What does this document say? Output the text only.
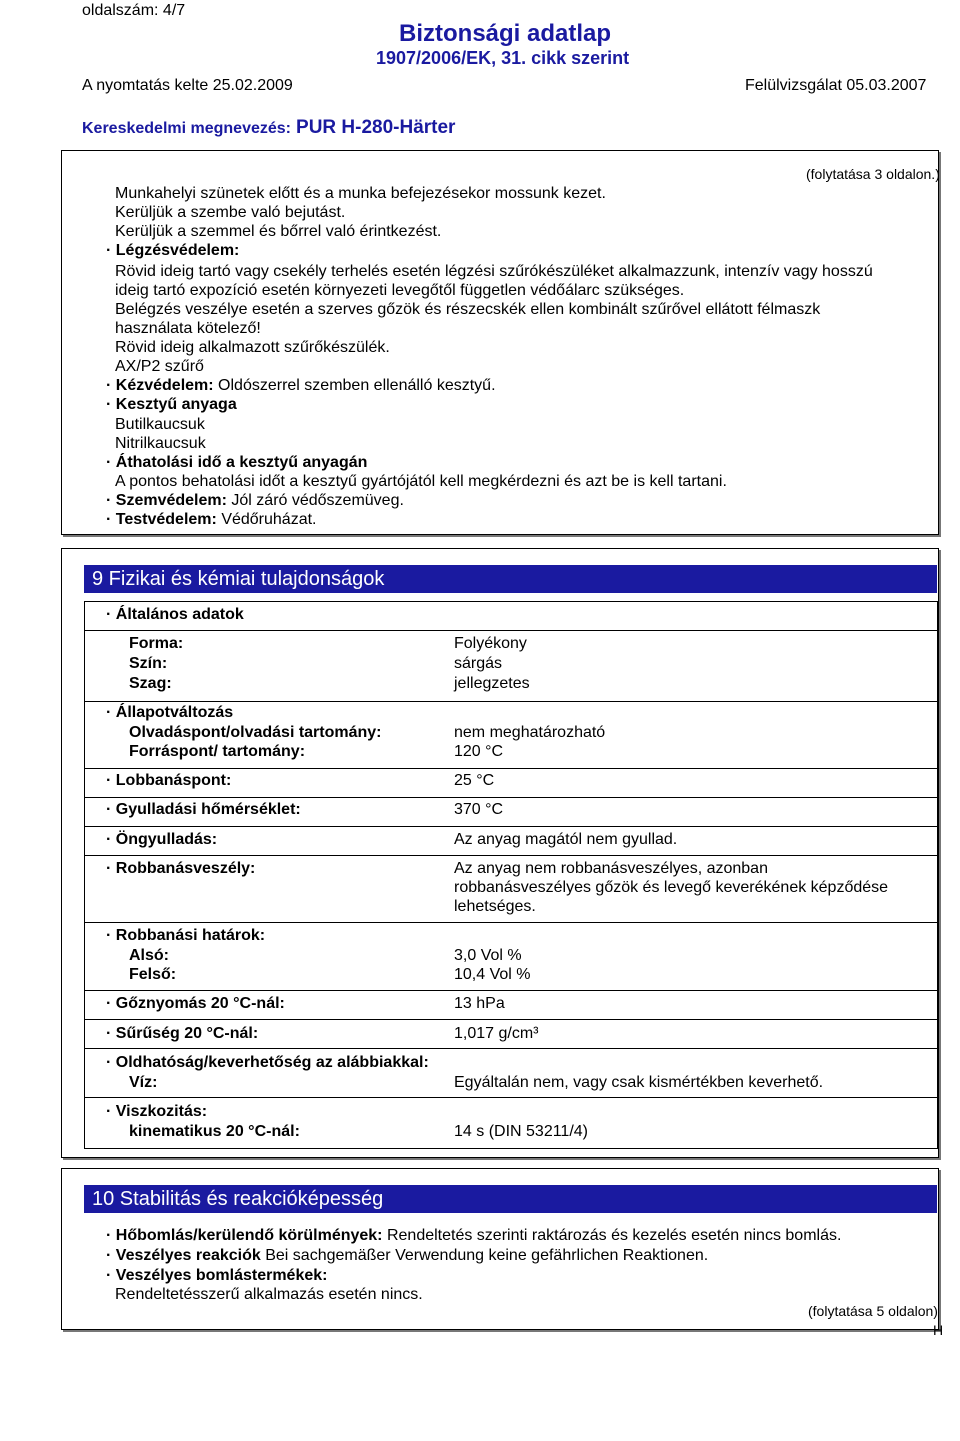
oldalszám: 4/7
Biztonsági adatlap
1907/2006/EK, 31. cikk szerint
A nyomtatás kelte 25.02.2009	Felülvizsgálat 05.03.2007
Kereskedelmi megnevezés: PUR H-280-Härter
(folytatása 3 oldalon.)
Munkahelyi szünetek előtt és a munka befejezésekor mossunk kezet.
Kerüljük a szembe való bejutást.
Kerüljük a szemmel és bőrrel való érintkezést.
· Légzésvédelem:
Rövid ideig tartó vagy csekély terhelés esetén légzési szűrókészüléket alkalmazzunk, intenzív vagy hosszú
ideig tartó expozíció esetén környezeti levegőtől független védőálarc szükséges.
Belégzés veszélye esetén a szerves gőzök és részecskék ellen kombinált szűrővel ellátott félmaszk
használata kötelező!
Rövid ideig alkalmazott szűrőkészülék.
AX/P2 szűrő
· Kézvédelem: Oldószerrel szemben ellenálló kesztyű.
· Kesztyű anyaga
Butilkaucsuk
Nitrilkaucsuk
· Áthatolási idő a kesztyű anyagán
A pontos behatolási időt a kesztyű gyártójától kell megkérdezni és azt be is kell tartani.
· Szemvédelem: Jól záró védőszemüveg.
· Testvédelem: Védőruházat.
9 Fizikai és kémiai tulajdonságok
· Általános adatok
Forma:	Folyékony
Szín:	sárgás
Szag:	jellegzetes
· Állapotváltozás
Olvadáspont/olvadási tartomány:	nem meghatározható
Forráspont/ tartomány:	120 °C
· Lobbanáspont:	25 °C
· Gyulladási hőmérséklet:	370 °C
· Öngyulladás:	Az anyag magától nem gyullad.
· Robbanásveszély:	Az anyag nem robbanásveszélyes, azonban
robbanásveszélyes gőzök és levegő keverékének képződése
lehetséges.
· Robbanási határok:
Alsó:	3,0 Vol %
Felső:	10,4 Vol %
· Gőznyomás 20 °C-nál:	13 hPa
· Sűrűség 20 °C-nál:	1,017 g/cm³
· Oldhatóság/keverhetőség az alábbiakkal:
Víz:	Egyáltalán nem, vagy csak kismértékben keverhető.
· Viszkozitás:
kinematikus 20 °C-nál:	14 s (DIN 53211/4)
10 Stabilitás és reakcióképesség
· Hőbomlás/kerülendő körülmények: Rendeltetés szerinti raktározás és kezelés esetén nincs bomlás.
· Veszélyes reakciók Bei sachgemäßer Verwendung keine gefährlichen Reaktionen.
· Veszélyes bomlástermékek:
Rendeltetésszerű alkalmazás esetén nincs.
(folytatása 5 oldalon)
H
